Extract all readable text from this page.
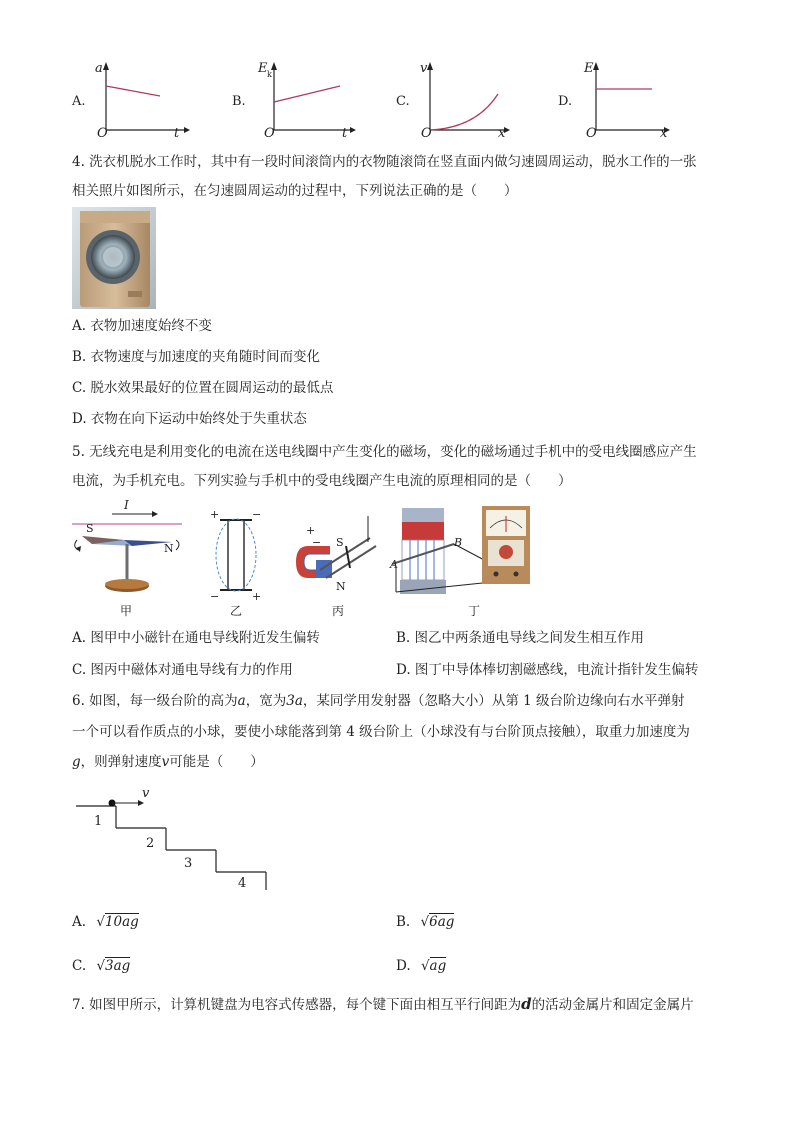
A.
a
O	t
B.
E k
O	t
C.
v
O	x
D.
E
O	x
4. 洗衣机脱水工作时，其中有一段时间滚筒内的衣物随滚筒在竖直面内做匀速圆周运动，脱水工作的一张
相关照片如图所示，在匀速圆周运动的过程中，下列说法正确的是（　　）
A. 衣物加速度始终不变
B. 衣物速度与加速度的夹角随时间而变化
C. 脱水效果最好的位置在圆周运动的最低点
D. 衣物在向下运动中始终处于失重状态
5. 无线充电是利用变化的电流在送电线圈中产生变化的磁场，变化的磁场通过手机中的受电线圈感应产生
电流，为手机充电。下列实验与手机中的受电线圈产生电流的原理相同的是（　　）
I
S
N
甲
+	−
−	+
乙
+
− S
N
丙
A
B
丁
A. 图甲中小磁针在通电导线附近发生偏转	B. 图乙中两条通电导线之间发生相互作用
C. 图丙中磁体对通电导线有力的作用	D. 图丁中导体棒切割磁感线，电流计指针发生偏转
6. 如图，每一级台阶的高为a，宽为3a，某同学用发射器（忽略大小）从第 1 级台阶边缘向右水平弹射
一个可以看作质点的小球，要使小球能落到第 4 级台阶上（小球没有与台阶顶点接触），取重力加速度为
g，则弹射速度v可能是（　　）
v
1
2
3
4
A. √10ag	B. √6ag
C. √3ag	D. √ag
7. 如图甲所示，计算机键盘为电容式传感器，每个键下面由相互平行间距为d的活动金属片和固定金属片
